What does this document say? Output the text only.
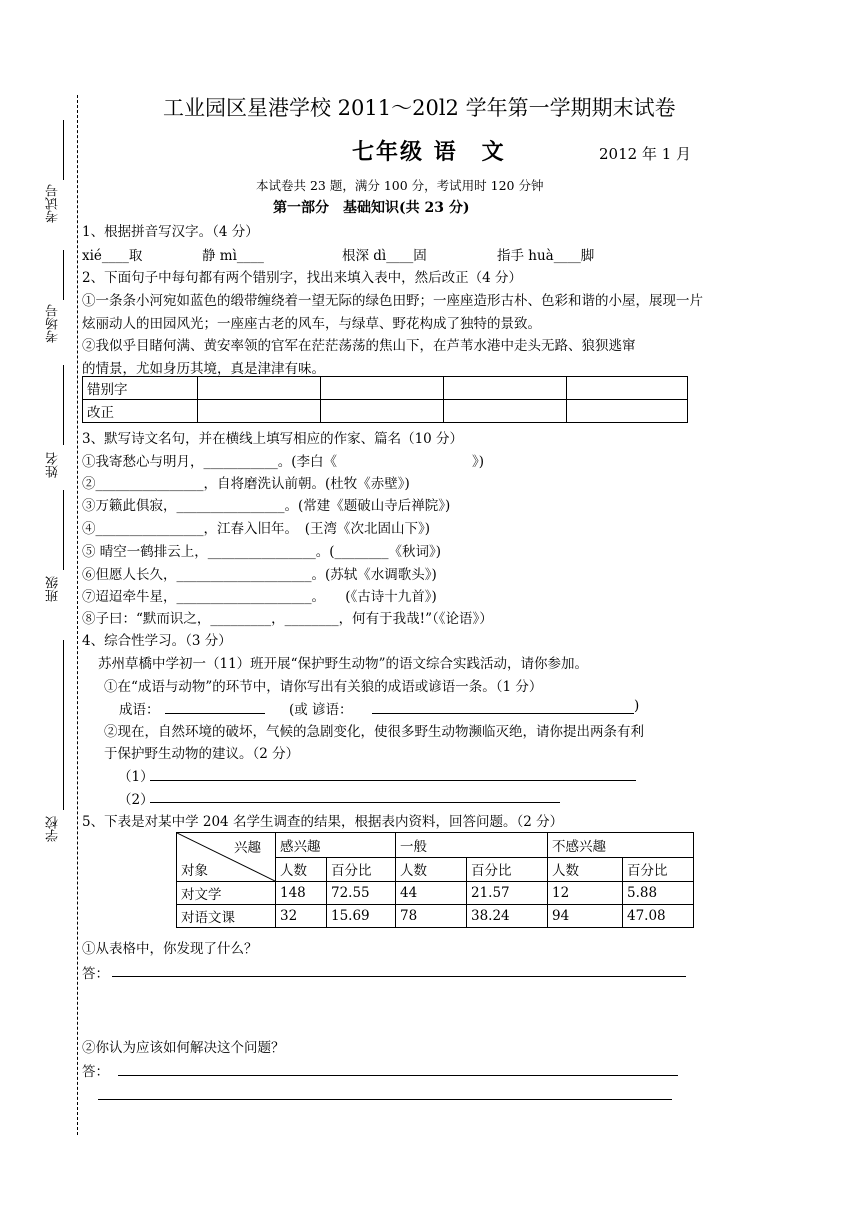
考试号
考场号
姓名
班级
学校
工业园区星港学校 2011～20l2 学年第一学期期末试卷
七年级 语　文	2012 年 1 月
本试卷共 23 题，满分 100 分，考试用时 120 分钟
第一部分　基础知识(共 23 分)
1、根据拼音写汉字。（4 分）
xié____取	静 mì____	根深 dì____固	指手 huà____脚
2、下面句子中每句都有两个错别字，找出来填入表中，然后改正（4 分）
①一条条小河宛如蓝色的缎带缠绕着一望无际的绿色田野；一座座造形古朴、色彩和谐的小屋，展现一片
炫丽动人的田园风光；一座座古老的风车，与绿草、野花构成了独特的景致。
②我似乎目睹何满、黄安率领的官军在茫茫荡荡的焦山下，在芦苇水港中走头无路、狼狈逃窜
的情景，尤如身历其境，真是津津有味。
错别字				
改正				
3、默写诗文名句，并在横线上填写相应的作家、篇名（10 分）
①我寄愁心与明月，___________。(李白《　　　　　　　　　　》)
②________________，自将磨洗认前朝。(杜牧《赤壁》)
③万籁此俱寂，________________。(常建《题破山寺后禅院》)
④________________，江春入旧年。　(王湾《次北固山下》)
⑤ 晴空一鹤排云上，________________。(________《秋词》)
⑥但愿人长久，____________________。(苏轼《水调歌头》)
⑦迢迢牵牛星，____________________。　　(《古诗十九首》)
⑧子曰：“默而识之，_________，________，何有于我哉!”（《论语》）
4、综合性学习。（3 分）
苏州草橋中学初一（11）班开展“保护野生动物”的语文综合实践活动，请你参加。
①在“成语与动物”的环节中，请你写出有关狼的成语或谚语一条。（1 分）
成语：	(或 谚语：	)
②现在，自然环境的破坏，气候的急剧变化，使很多野生动物濒临灭绝，请你提出两条有利
于保护野生动物的建议。（2 分）
（1）
（2）
5、下表是对某中学 204 名学生调查的结果，根据表内资料，回答问题。（2 分）
兴趣
对象	感兴趣		一般		不感兴趣	
	人数	百分比	人数	百分比	人数	百分比
对文学	148	72.55	44	21.57	12	5.88
对语文课	32	15.69	78	38.24	94	47.08
①从表格中，你发现了什么？
答：
②你认为应该如何解决这个问题？
答：
